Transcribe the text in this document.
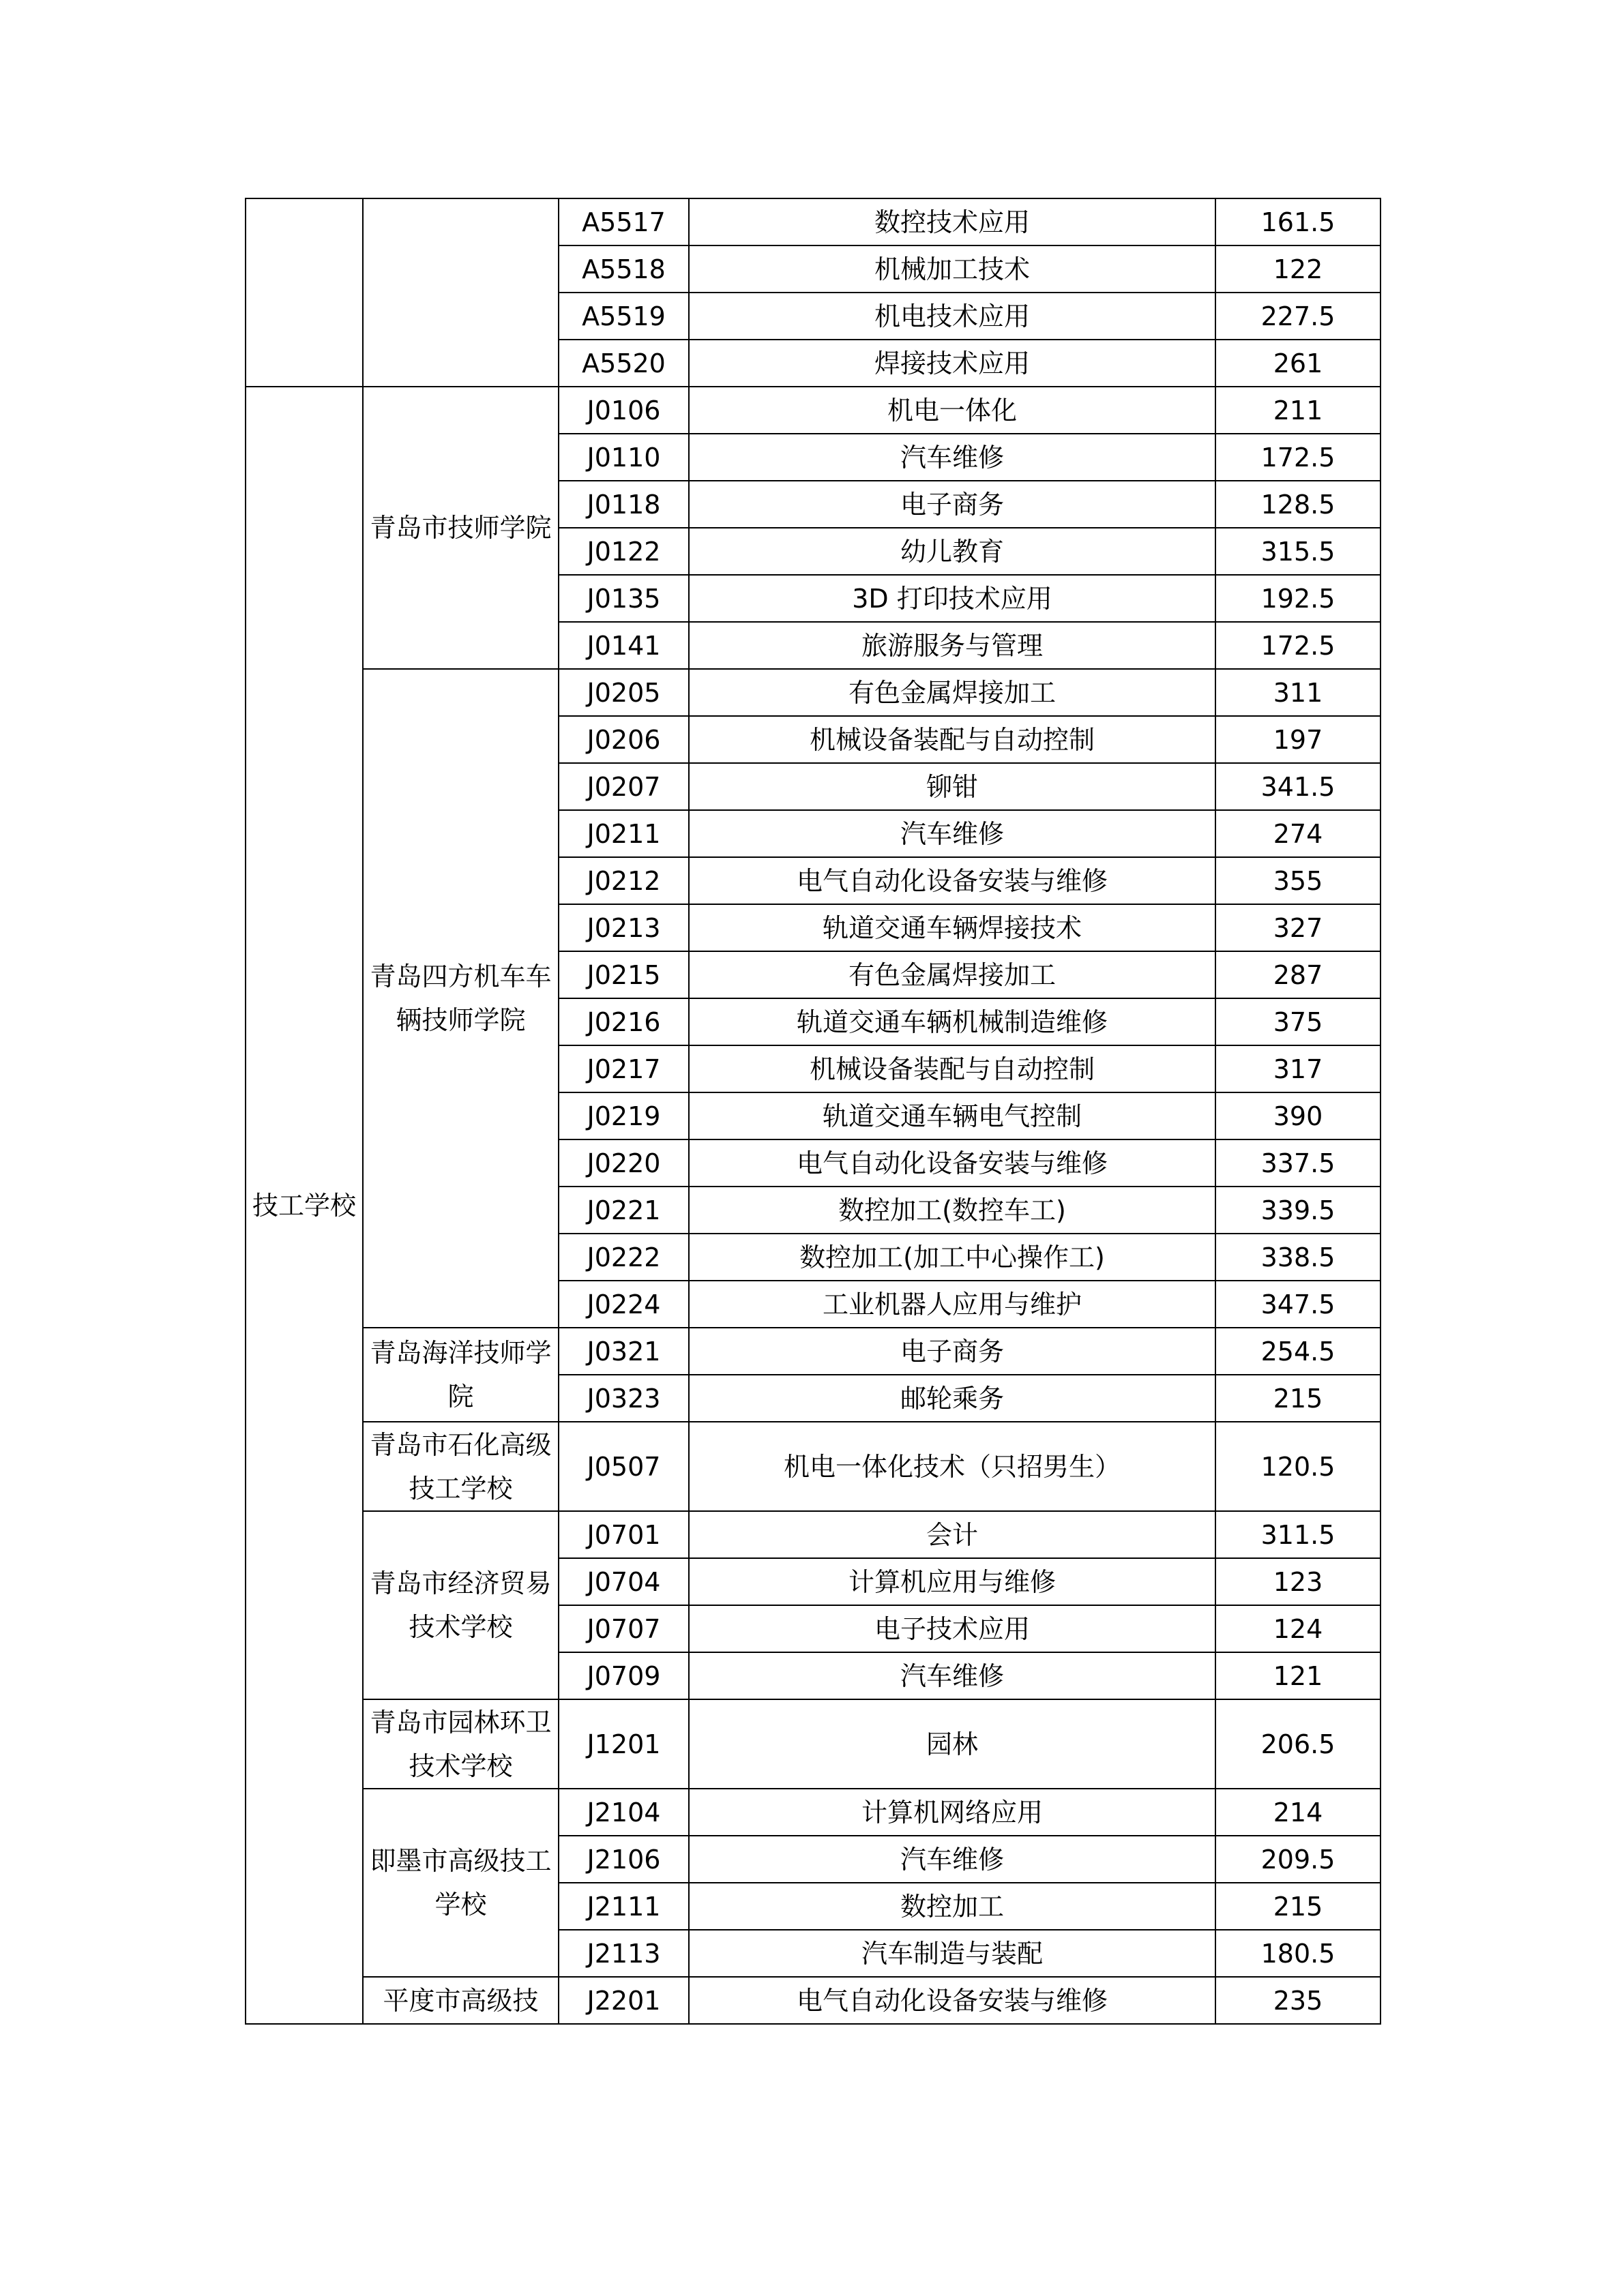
		A5517	数控技术应用	161.5
		A5518	机械加工技术	122
		A5519	机电技术应用	227.5
		A5520	焊接技术应用	261
技工学校	青岛市技师学院	J0106	机电一体化	211
		J0110	汽车维修	172.5
		J0118	电子商务	128.5
		J0122	幼儿教育	315.5
		J0135	3D 打印技术应用	192.5
		J0141	旅游服务与管理	172.5
	青岛四方机车车辆技师学院	J0205	有色金属焊接加工	311
		J0206	机械设备装配与自动控制	197
		J0207	铆钳	341.5
		J0211	汽车维修	274
		J0212	电气自动化设备安装与维修	355
		J0213	轨道交通车辆焊接技术	327
		J0215	有色金属焊接加工	287
		J0216	轨道交通车辆机械制造维修	375
		J0217	机械设备装配与自动控制	317
		J0219	轨道交通车辆电气控制	390
		J0220	电气自动化设备安装与维修	337.5
		J0221	数控加工(数控车工)	339.5
		J0222	数控加工(加工中心操作工)	338.5
		J0224	工业机器人应用与维护	347.5
	青岛海洋技师学院	J0321	电子商务	254.5
		J0323	邮轮乘务	215
	青岛市石化高级技工学校	J0507	机电一体化技术（只招男生）	120.5
	青岛市经济贸易技术学校	J0701	会计	311.5
		J0704	计算机应用与维修	123
		J0707	电子技术应用	124
		J0709	汽车维修	121
	青岛市园林环卫技术学校	J1201	园林	206.5
	即墨市高级技工学校	J2104	计算机网络应用	214
		J2106	汽车维修	209.5
		J2111	数控加工	215
		J2113	汽车制造与装配	180.5
	平度市高级技	J2201	电气自动化设备安装与维修	235
